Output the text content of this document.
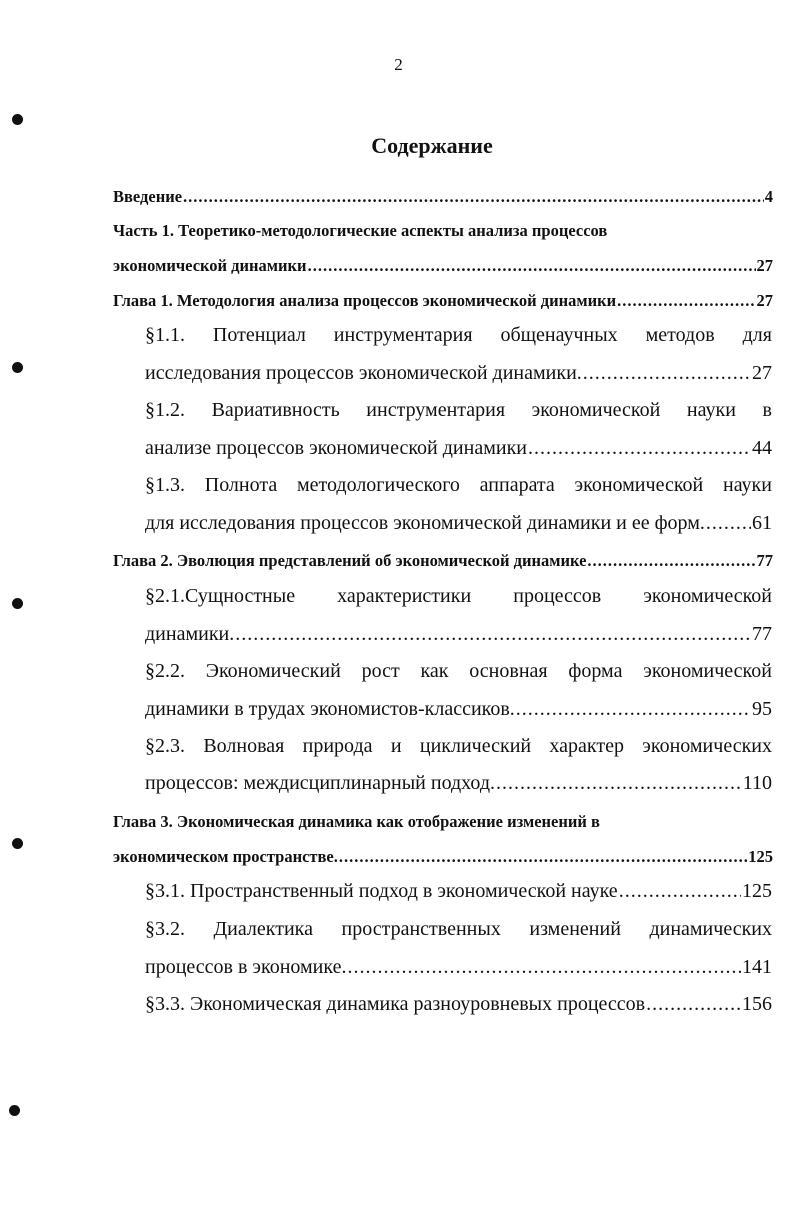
2
Содержание
Введение .....	4
Часть 1. Теоретико-методологические аспекты анализа процессов
экономической динамики .....	27
Глава 1. Методология анализа процессов экономической динамики .....	27
§1.1. Потенциал инструментария общенаучных методов для
исследования процессов экономической динамики. .....	27
§1.2. Вариативность инструментария экономической науки в
анализе процессов экономической динамики .....	44
§1.3. Полнота методологического аппарата экономической науки
для исследования процессов экономической динамики и ее форм. ..... 61
Глава 2. Эволюция представлений об экономической динамике .....	77
§2.1.Сущностные характеристики процессов экономической
динамики. .....	77
§2.2. Экономический рост как основная форма экономической
динамики в трудах экономистов-классиков. .....	95
§2.3. Волновая природа и циклический характер экономических
процессов: междисциплинарный подход. .....	110
Глава 3. Экономическая динамика как отображение изменений в
экономическом пространстве. .....	125
§3.1. Пространственный подход в экономической науке .....	125
§3.2. Диалектика пространственных изменений динамических
процессов в экономике. .....	141
§3.3. Экономическая динамика разноуровневых процессов .....	156
